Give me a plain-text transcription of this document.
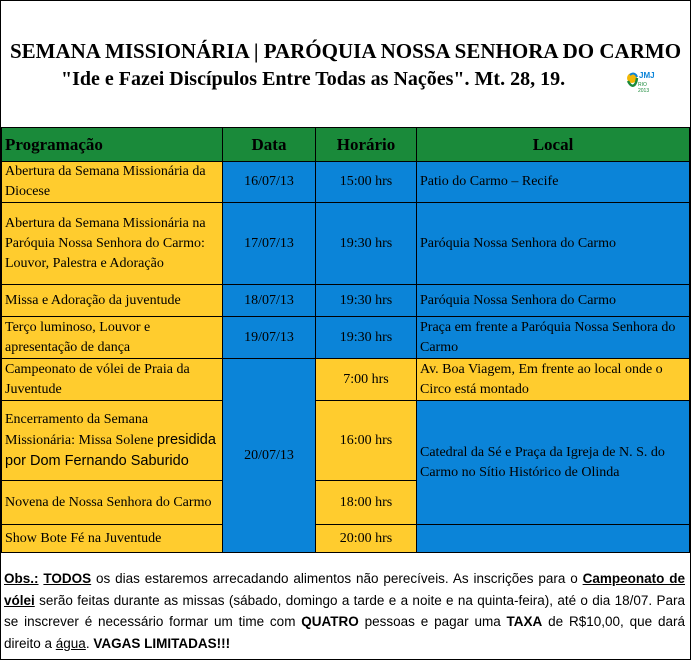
SEMANA MISSIONÁRIA | PARÓQUIA NOSSA SENHORA DO CARMO
"Ide e Fazei Discípulos Entre Todas as Nações". Mt. 28, 19.	JMJ
RIO 2013
Programação	Data	Horário	Local
Abertura da Semana Missionária da Diocese	16/07/13	15:00 hrs	Patio do Carmo – Recife
Abertura da Semana Missionária na Paróquia Nossa Senhora do Carmo: Louvor, Palestra e Adoração	17/07/13	19:30 hrs	Paróquia Nossa Senhora do Carmo
Missa e Adoração da juventude	18/07/13	19:30 hrs	Paróquia Nossa Senhora do Carmo
Terço luminoso, Louvor e apresentação de dança	19/07/13	19:30 hrs	Praça em frente a Paróquia Nossa Senhora do Carmo
Campeonato de vólei de Praia da Juventude	20/07/13	7:00 hrs	Av. Boa Viagem, Em frente ao local onde o Circo está montado
Encerramento da Semana Missionária: Missa Solene presidida por Dom Fernando Saburido		16:00 hrs	Catedral da Sé e Praça da Igreja de N. S. do Carmo no Sítio Histórico de Olinda
Novena de Nossa Senhora do Carmo		18:00 hrs	
Show Bote Fé na Juventude		20:00 hrs	
Obs.: TODOS os dias estaremos arrecadando alimentos não perecíveis. As inscrições para o Campeonato de vólei serão feitas durante as missas (sábado, domingo a tarde e a noite e na quinta-feira), até o dia 18/07. Para se inscrever é necessário formar um time com QUATRO pessoas e pagar uma TAXA de R$10,00, que dará direito a água. VAGAS LIMITADAS!!!
